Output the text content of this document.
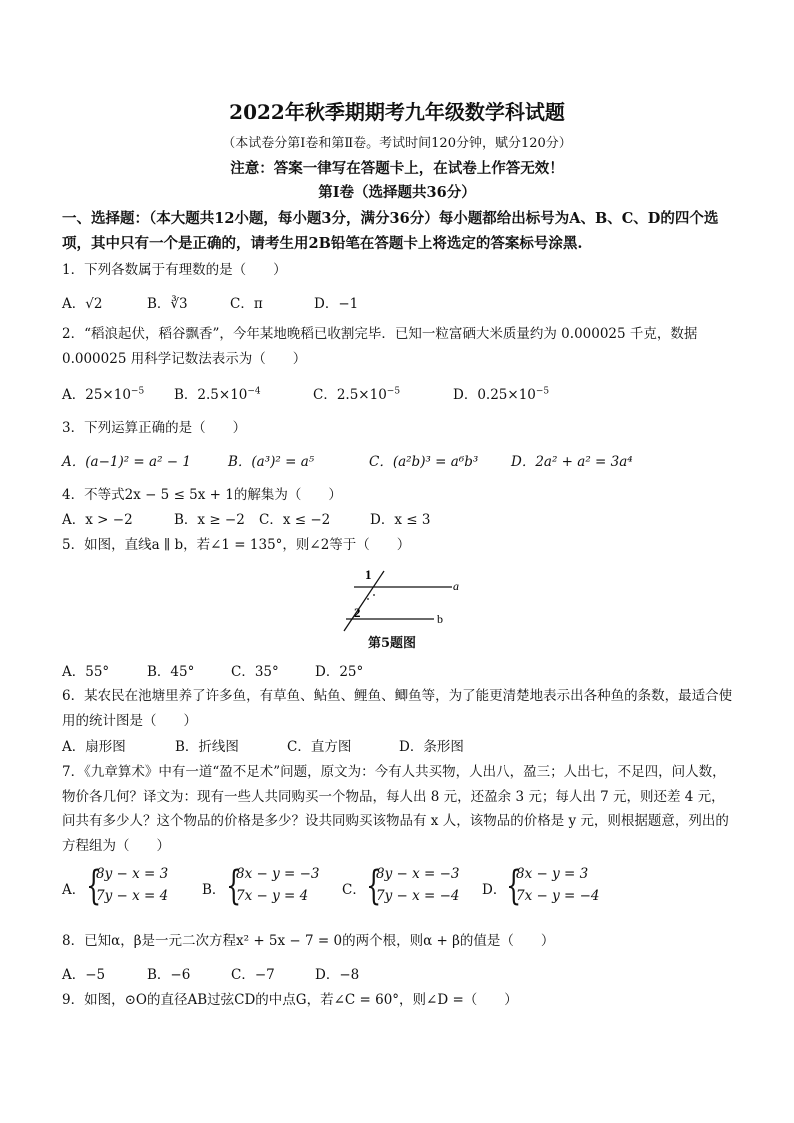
2022年秋季期期考九年级数学科试题
（本试卷分第Ⅰ卷和第Ⅱ卷。考试时间120分钟，赋分120分）
注意：答案一律写在答题卡上，在试卷上作答无效！
第Ⅰ卷（选择题共36分）
一、选择题：（本大题共12小题，每小题3分，满分36分）每小题都给出标号为A、B、C、D的四个选项，其中只有一个是正确的，请考生用2B铅笔在答题卡上将选定的答案标号涂黑.
1．下列各数属于有理数的是（　　）
A．√2	B．∛3	C．π	D．−1
2．“稻浪起伏，稻谷飘香”，今年某地晚稻已收割完毕．已知一粒富硒大米质量约为 0.000025 千克，数据 0.000025 用科学记数法表示为（　　）
A．$25\times 10^{-5}$ B．$2.5\times 10^{-4}$	C．$2.5\times 10^{-5}$	D．$0.25\times 10^{-5}$
3．下列运算正确的是（　　）
A．(a−1)² = a² − 1	B．(a³)² = a⁵	C．(a²b)³ = a⁶b³ D．2a² + a² = 3a⁴
4．不等式2x − 5 ≤ 5x + 1的解集为（　　）
A．x > −2	B．x ≥ −2 C．x ≤ −2	D．x ≤ 3
5．如图，直线a ∥ b，若∠1 = 135°，则∠2等于（　　）
1
2
a
b
第5题图
A．55°	B．45°	C．35°	D．25°
6．某农民在池塘里养了许多鱼，有草鱼、鲇鱼、鲤鱼、鲫鱼等，为了能更清楚地表示出各种鱼的条数，最适合使用的统计图是（　　）
A．扇形图	B．折线图	C．直方图	D．条形图
7．《九章算术》中有一道“盈不足术”问题，原文为：今有人共买物，人出八，盈三；人出七，不足四，问人数，物价各几何？译文为：现有一些人共同购买一个物品，每人出 8 元，还盈余 3 元；每人出 7 元，则还差 4 元，问共有多少人？这个物品的价格是多少？设共同购买该物品有 x 人，该物品的价格是 y 元，则根据题意，列出的方程组为（　　）
A． {
8y − x = 3
7y − x = 4	B． {
8x − y = −3
7x − y = 4	C． {
8y − x = −3
7y − x = −4 D． {
8x − y = 3
7x − y = −4
8．已知α，β是一元二次方程x² + 5x − 7 = 0的两个根，则α + β的值是（　　）
A．−5	B．−6	C．−7	D．−8
9．如图，⊙O的直径AB过弦CD的中点G，若∠C = 60°，则∠D =（　　）
